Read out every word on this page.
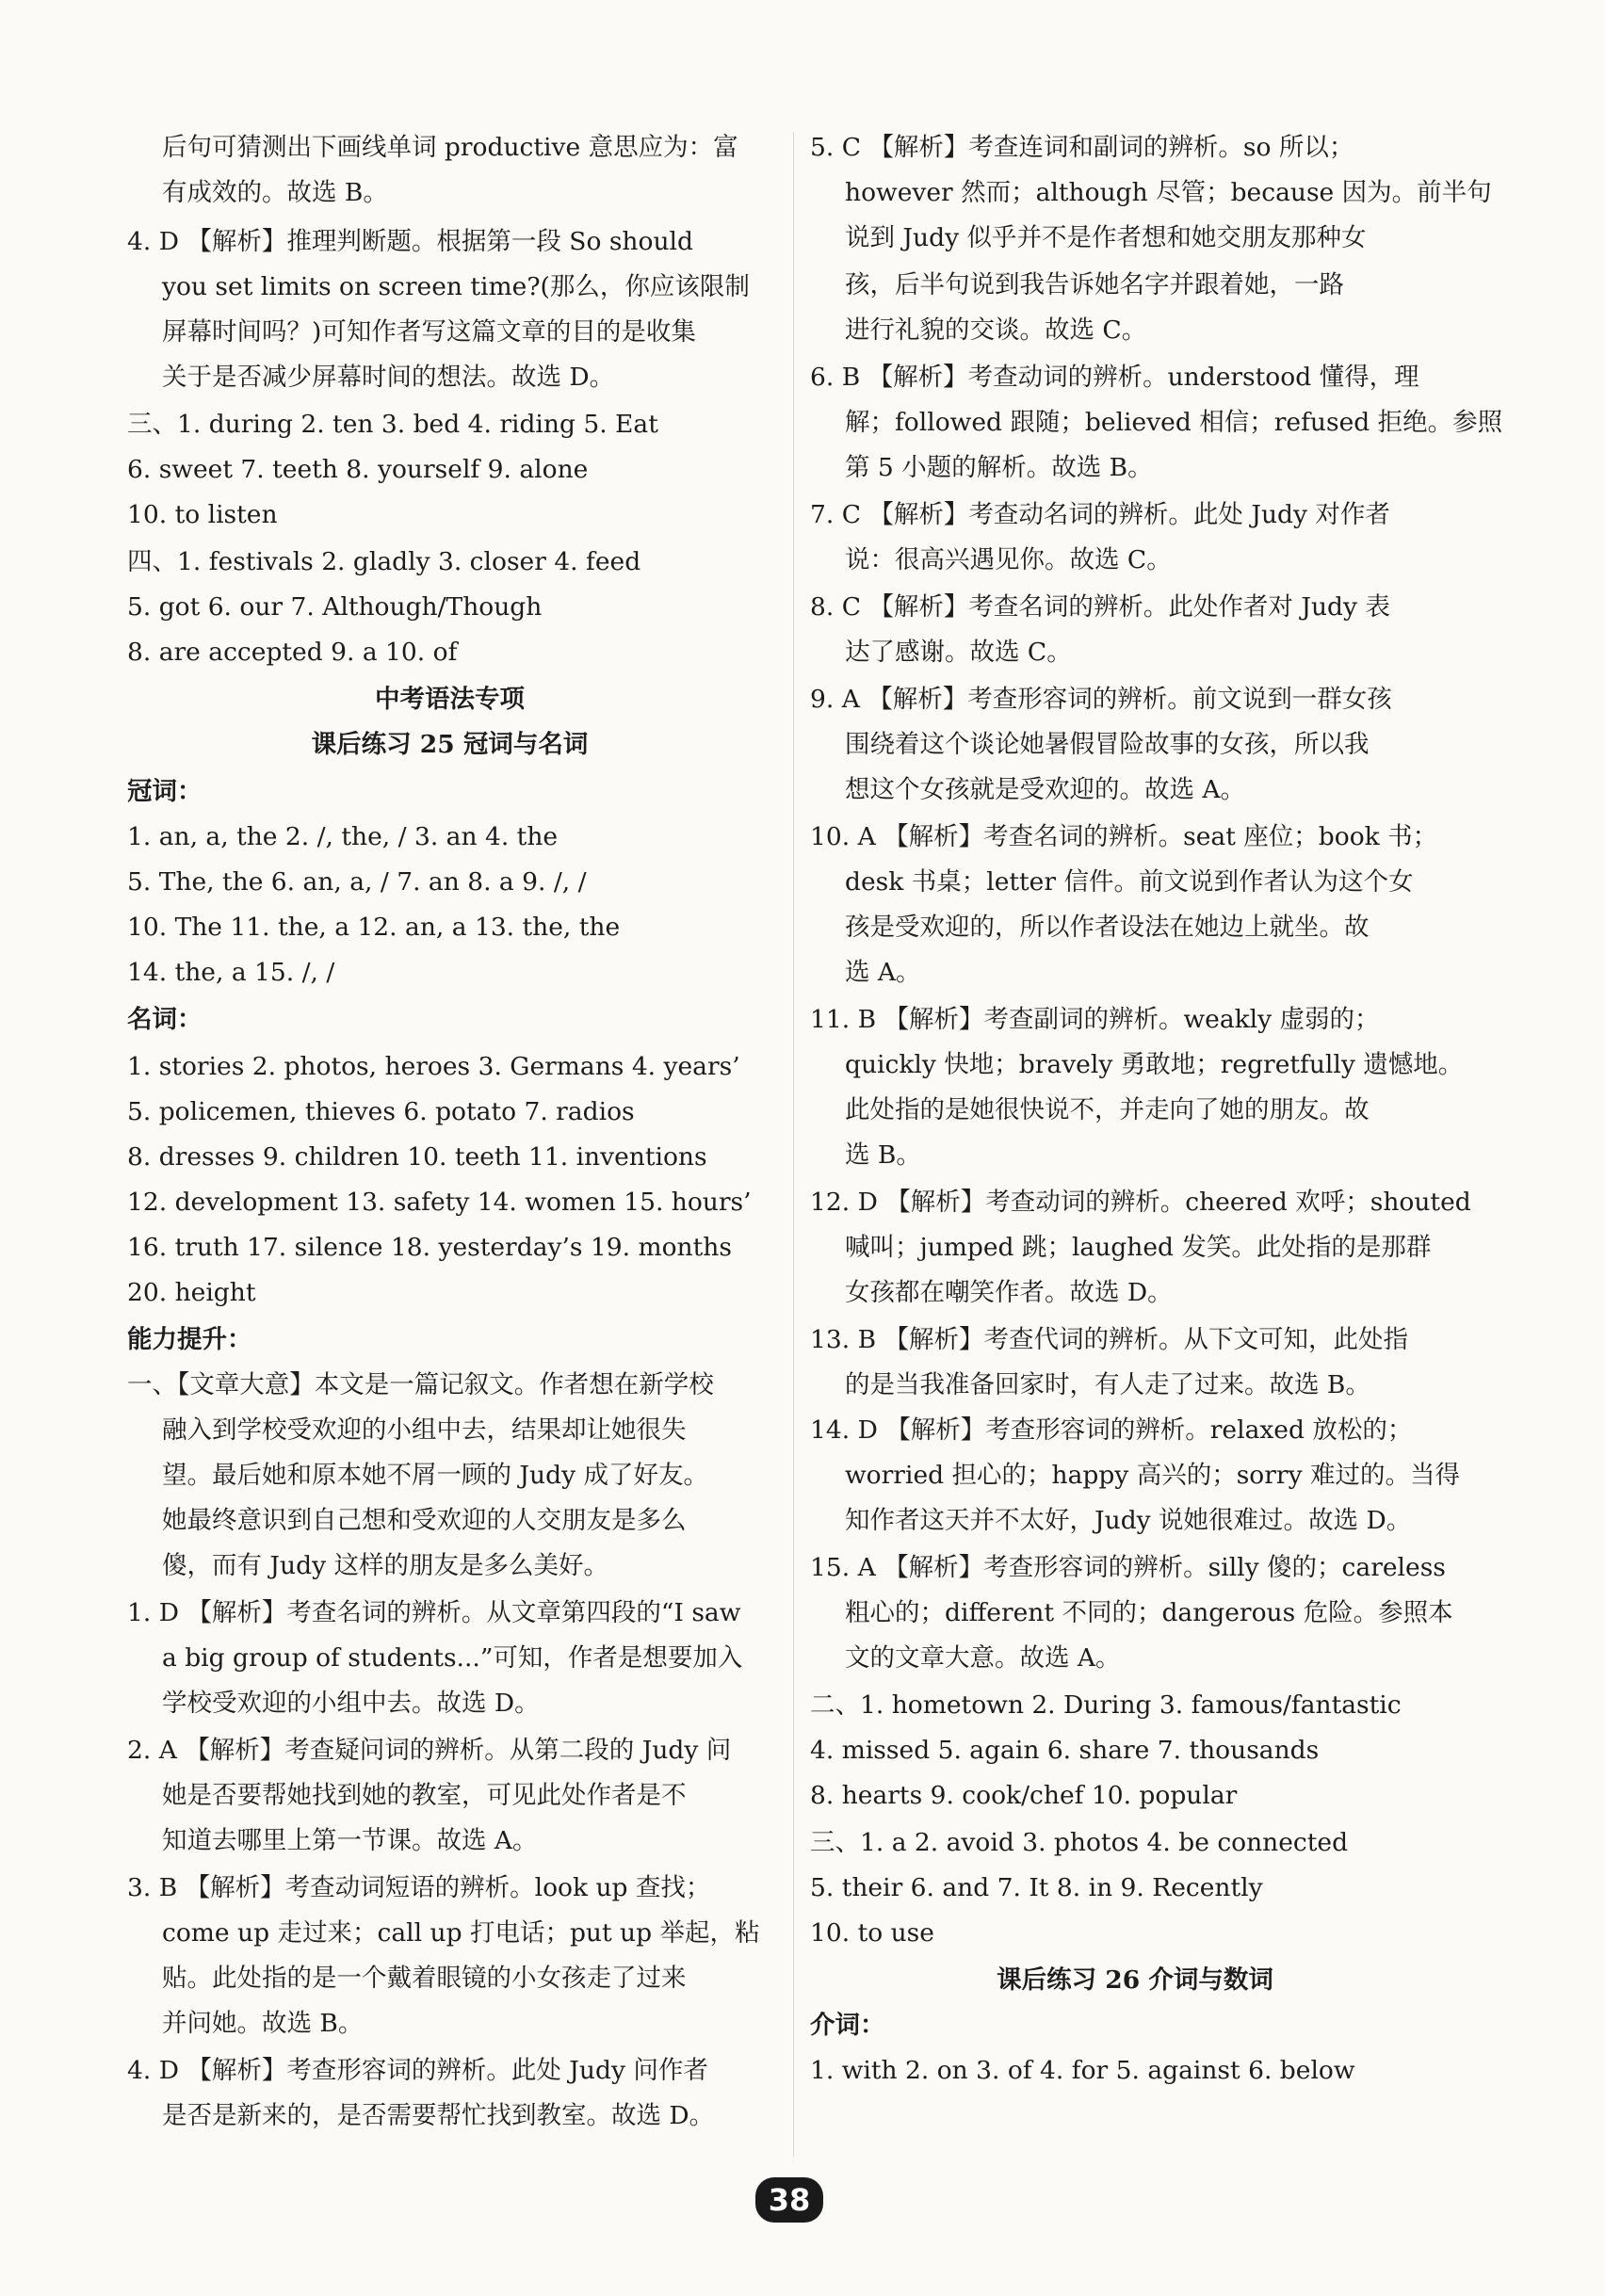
后句可猜测出下画线单词 productive 意思应为：富
有成效的。故选 B。
4. D 【解析】推理判断题。根据第一段 So should
you set limits on screen time?(那么，你应该限制
屏幕时间吗？)可知作者写这篇文章的目的是收集
关于是否减少屏幕时间的想法。故选 D。
三、1. during 2. ten 3. bed 4. riding 5. Eat
6. sweet 7. teeth 8. yourself 9. alone
10. to listen
四、1. festivals 2. gladly 3. closer 4. feed
5. got 6. our 7. Although/Though
8. are accepted 9. a 10. of
中考语法专项
课后练习 25 冠词与名词
冠词：
1. an, a, the 2. /, the, / 3. an 4. the
5. The, the 6. an, a, / 7. an 8. a 9. /, /
10. The 11. the, a 12. an, a 13. the, the
14. the, a 15. /, /
名词：
1. stories 2. photos, heroes 3. Germans 4. years’
5. policemen, thieves 6. potato 7. radios
8. dresses 9. children 10. teeth 11. inventions
12. development 13. safety 14. women 15. hours’
16. truth 17. silence 18. yesterday’s 19. months
20. height
能力提升：
一、【文章大意】本文是一篇记叙文。作者想在新学校
融入到学校受欢迎的小组中去，结果却让她很失
望。最后她和原本她不屑一顾的 Judy 成了好友。
她最终意识到自己想和受欢迎的人交朋友是多么
傻，而有 Judy 这样的朋友是多么美好。
1. D 【解析】考查名词的辨析。从文章第四段的“I saw
a big group of students...”可知，作者是想要加入
学校受欢迎的小组中去。故选 D。
2. A 【解析】考查疑问词的辨析。从第二段的 Judy 问
她是否要帮她找到她的教室，可见此处作者是不
知道去哪里上第一节课。故选 A。
3. B 【解析】考查动词短语的辨析。look up 查找；
come up 走过来；call up 打电话；put up 举起，粘
贴。此处指的是一个戴着眼镜的小女孩走了过来
并问她。故选 B。
4. D 【解析】考查形容词的辨析。此处 Judy 问作者
是否是新来的，是否需要帮忙找到教室。故选 D。
5. C 【解析】考查连词和副词的辨析。so 所以；
however 然而；although 尽管；because 因为。前半句
说到 Judy 似乎并不是作者想和她交朋友那种女
孩，后半句说到我告诉她名字并跟着她，一路
进行礼貌的交谈。故选 C。
6. B 【解析】考查动词的辨析。understood 懂得，理
解；followed 跟随；believed 相信；refused 拒绝。参照
第 5 小题的解析。故选 B。
7. C 【解析】考查动名词的辨析。此处 Judy 对作者
说：很高兴遇见你。故选 C。
8. C 【解析】考查名词的辨析。此处作者对 Judy 表
达了感谢。故选 C。
9. A 【解析】考查形容词的辨析。前文说到一群女孩
围绕着这个谈论她暑假冒险故事的女孩，所以我
想这个女孩就是受欢迎的。故选 A。
10. A 【解析】考查名词的辨析。seat 座位；book 书；
desk 书桌；letter 信件。前文说到作者认为这个女
孩是受欢迎的，所以作者设法在她边上就坐。故
选 A。
11. B 【解析】考查副词的辨析。weakly 虚弱的；
quickly 快地；bravely 勇敢地；regretfully 遗憾地。
此处指的是她很快说不，并走向了她的朋友。故
选 B。
12. D 【解析】考查动词的辨析。cheered 欢呼；shouted
喊叫；jumped 跳；laughed 发笑。此处指的是那群
女孩都在嘲笑作者。故选 D。
13. B 【解析】考查代词的辨析。从下文可知，此处指
的是当我准备回家时，有人走了过来。故选 B。
14. D 【解析】考查形容词的辨析。relaxed 放松的；
worried 担心的；happy 高兴的；sorry 难过的。当得
知作者这天并不太好，Judy 说她很难过。故选 D。
15. A 【解析】考查形容词的辨析。silly 傻的；careless
粗心的；different 不同的；dangerous 危险。参照本
文的文章大意。故选 A。
二、1. hometown 2. During 3. famous/fantastic
4. missed 5. again 6. share 7. thousands
8. hearts 9. cook/chef 10. popular
三、1. a 2. avoid 3. photos 4. be connected
5. their 6. and 7. It 8. in 9. Recently
10. to use
课后练习 26 介词与数词
介词：
1. with 2. on 3. of 4. for 5. against 6. below
38
